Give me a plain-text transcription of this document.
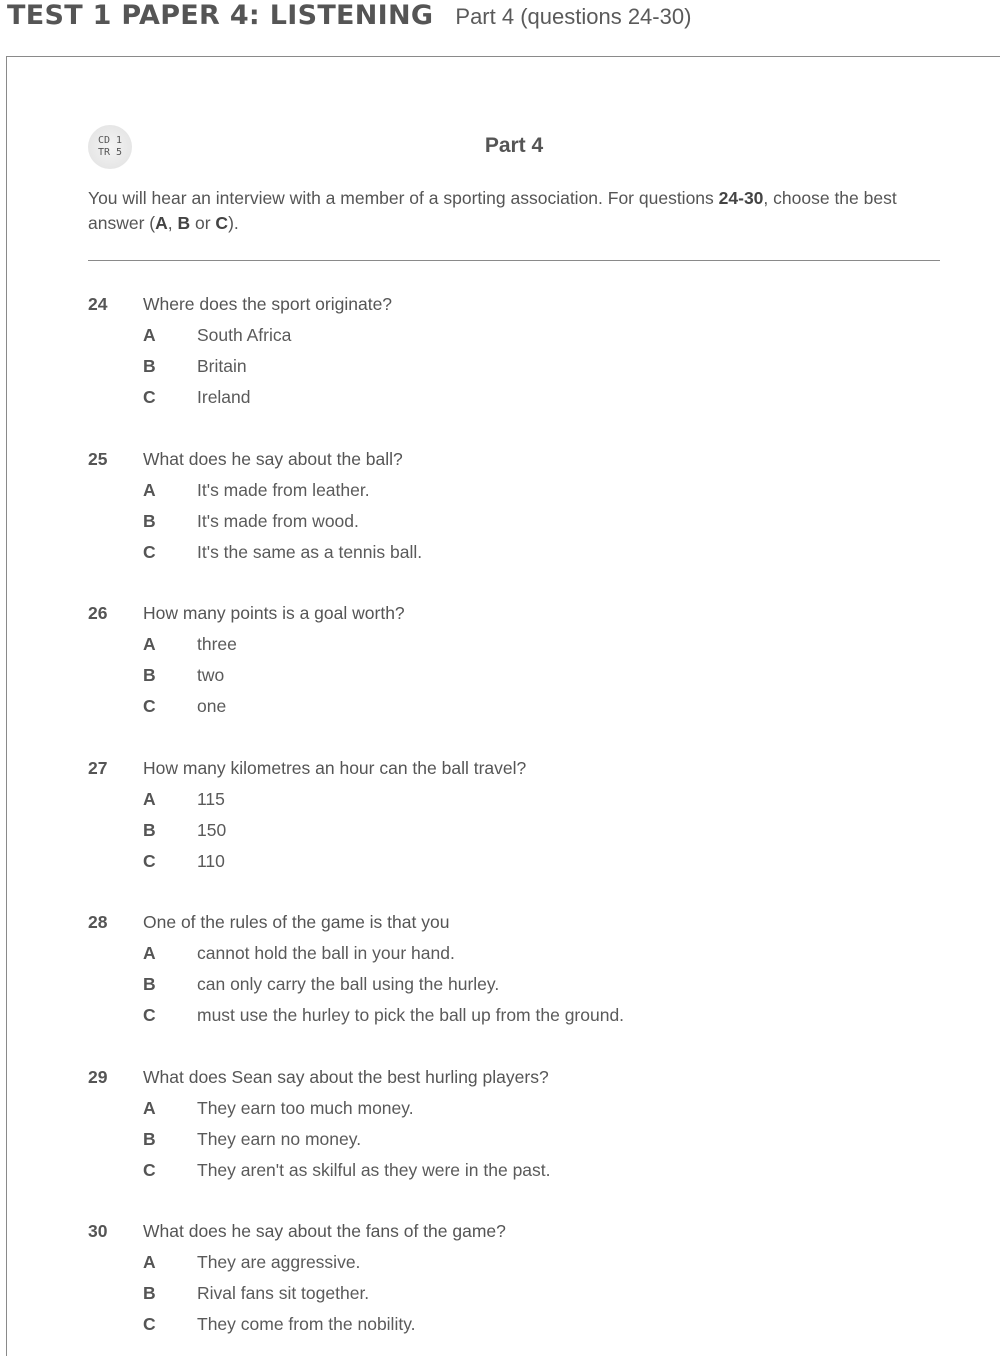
TEST 1 PAPER 4: LISTENING Part 4 (questions 24-30)
CD 1
TR 5	Part 4
You will hear an interview with a member of a sporting association. For questions 24-30, choose the best answer (A, B or C).
24 Where does the sport originate?
A South Africa
B Britain
C Ireland
25 What does he say about the ball?
A It's made from leather.
B It's made from wood.
C It's the same as a tennis ball.
26 How many points is a goal worth?
A three
B two
C one
27 How many kilometres an hour can the ball travel?
A 115
B 150
C 110
28 One of the rules of the game is that you
A cannot hold the ball in your hand.
B can only carry the ball using the hurley.
C must use the hurley to pick the ball up from the ground.
29 What does Sean say about the best hurling players?
A They earn too much money.
B They earn no money.
C They aren't as skilful as they were in the past.
30 What does he say about the fans of the game?
A They are aggressive.
B Rival fans sit together.
C They come from the nobility.
